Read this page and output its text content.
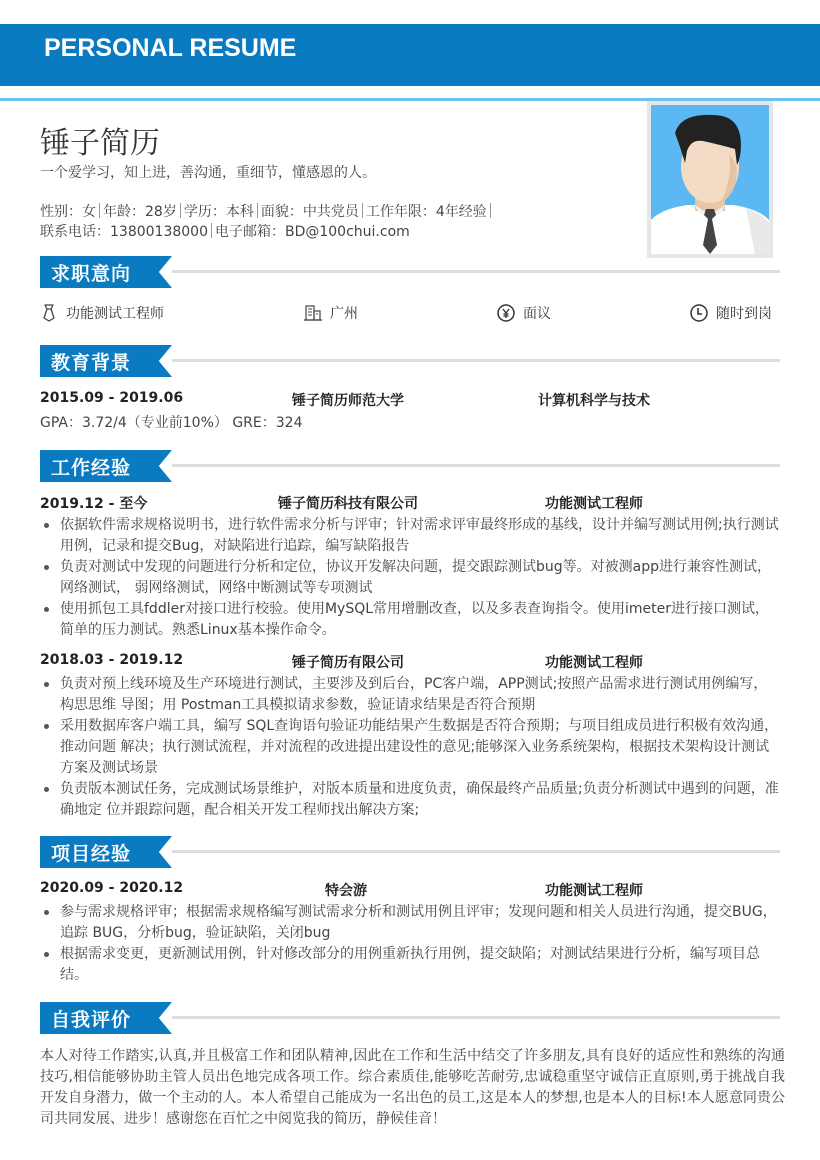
PERSONAL RESUME
锤子简历
一个爱学习，知上进，善沟通，重细节，懂感恩的人。
性别：女 年龄：28岁 学历：本科 面貌：中共党员 工作年限：4年经验
联系电话：13800138000 电子邮箱：BD@100chui.com
求职意向
功能测试工程师	广州	面议	随时到岗
教育背景
2015.09 - 2019.06	锤子简历师范大学	计算机科学与技术
GPA：3.72/4（专业前10%） GRE：324
工作经验
2019.12 - 至今	锤子简历科技有限公司	功能测试工程师
依据软件需求规格说明书，进行软件需求分析与评审；针对需求评审最终形成的基线，设计并编写测试用例;执行测试用例，记录和提交Bug，对缺陷进行追踪，编写缺陷报告
负责对测试中发现的问题进行分析和定位，协议开发解决问题，提交跟踪测试bug等。对被测app进行兼容性测试，网络测试， 弱网络测试，网络中断测试等专项测试
使用抓包工具fddler对接口进行校验。使用MySQL常用增删改查，以及多表查询指令。使用imeter进行接口测试，简单的压力测试。熟悉Linux基本操作命令。
2018.03 - 2019.12	锤子简历有限公司	功能测试工程师
负责对预上线环境及生产环境进行测试，主要涉及到后台，PC客户端，APP测试;按照产品需求进行测试用例编写，构思思维 导图；用 Postman工具模拟请求参数，验证请求结果是否符合预期
采用数据库客户端工具，编写 SQL查询语句验证功能结果产生数据是否符合预期；与项目组成员进行积极有效沟通，推动问题 解决；执行测试流程，并对流程的改进提出建设性的意见;能够深入业务系统架构，根据技术架构设计测试方案及测试场景
负责版本测试任务，完成测试场景维护，对版本质量和进度负责，确保最终产品质量;负责分析测试中遇到的问题，准确地定 位并跟踪问题，配合相关开发工程师找出解决方案;
项目经验
2020.09 - 2020.12	特会游	功能测试工程师
参与需求规格评审；根据需求规格编写测试需求分析和测试用例且评审；发现问题和相关人员进行沟通，提交BUG，追踪 BUG，分析bug，验证缺陷，关闭bug
根据需求变更，更新测试用例，针对修改部分的用例重新执行用例，提交缺陷；对测试结果进行分析，编写项目总结。
自我评价
本人对待工作踏实,认真,并且极富工作和团队精神,因此在工作和生活中结交了许多朋友,具有良好的适应性和熟练的沟通技巧,相信能够协助主管人员出色地完成各项工作。综合素质佳,能够吃苦耐劳,忠诚稳重坚守诚信正直原则,勇于挑战自我开发自身潜力，做一个主动的人。本人希望自己能成为一名出色的员工,这是本人的梦想,也是本人的目标!本人愿意同贵公司共同发展、进步！感谢您在百忙之中阅览我的简历，静候佳音！
